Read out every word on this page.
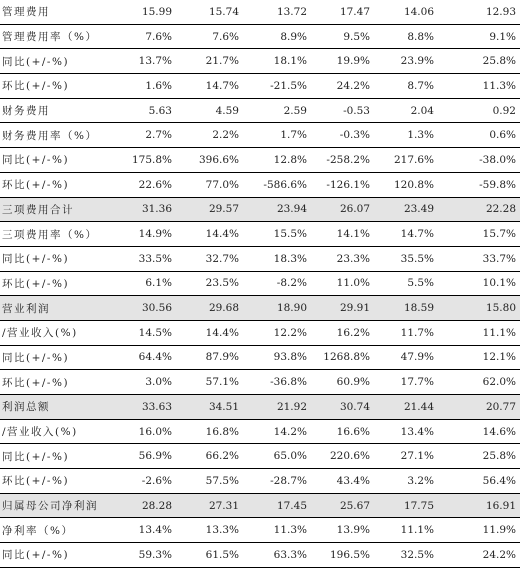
管理费用	15.99	15.74	13.72	17.47	14.06	12.93
管理费用率（%）	7.6%	7.6%	8.9%	9.5%	8.8%	9.1%
同比(+/-%)	13.7%	21.7%	18.1%	19.9%	23.9%	25.8%
环比(+/-%)	1.6%	14.7%	-21.5%	24.2%	8.7%	11.3%
财务费用	5.63	4.59	2.59	-0.53	2.04	0.92
财务费用率（%）	2.7%	2.2%	1.7%	-0.3%	1.3%	0.6%
同比(+/-%)	175.8%	396.6%	12.8%	-258.2%	217.6%	-38.0%
环比(+/-%)	22.6%	77.0%	-586.6%	-126.1%	120.8%	-59.8%
三项费用合计	31.36	29.57	23.94	26.07	23.49	22.28
三项费用率（%）	14.9%	14.4%	15.5%	14.1%	14.7%	15.7%
同比(+/-%)	33.5%	32.7%	18.3%	23.3%	35.5%	33.7%
环比(+/-%)	6.1%	23.5%	-8.2%	11.0%	5.5%	10.1%
营业利润	30.56	29.68	18.90	29.91	18.59	15.80
/营业收入(%)	14.5%	14.4%	12.2%	16.2%	11.7%	11.1%
同比(+/-%)	64.4%	87.9%	93.8%	1268.8%	47.9%	12.1%
环比(+/-%)	3.0%	57.1%	-36.8%	60.9%	17.7%	62.0%
利润总额	33.63	34.51	21.92	30.74	21.44	20.77
/营业收入(%)	16.0%	16.8%	14.2%	16.6%	13.4%	14.6%
同比(+/-%)	56.9%	66.2%	65.0%	220.6%	27.1%	25.8%
环比(+/-%)	-2.6%	57.5%	-28.7%	43.4%	3.2%	56.4%
归属母公司净利润	28.28	27.31	17.45	25.67	17.75	16.91
净利率（%）	13.4%	13.3%	11.3%	13.9%	11.1%	11.9%
同比(+/-%)	59.3%	61.5%	63.3%	196.5%	32.5%	24.2%
